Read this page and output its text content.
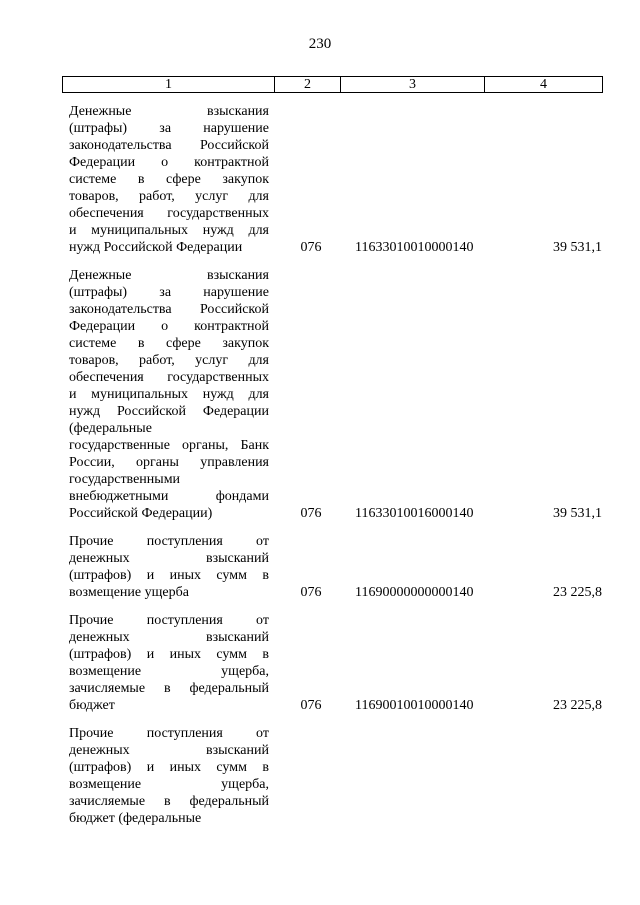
230
1	2	3	4
Денежные взыскания
(штрафы) за нарушение
законодательства Российской
Федерации о контрактной
системе в сфере закупок
товаров, работ, услуг для
обеспечения государственных
и муниципальных нужд для
нужд Российской Федерации	076	11633010010000140	39 531,1
Денежные взыскания
(штрафы) за нарушение
законодательства Российской
Федерации о контрактной
системе в сфере закупок
товаров, работ, услуг для
обеспечения государственных
и муниципальных нужд для
нужд Российской Федерации
(федеральные
государственные органы, Банк
России, органы управления
государственными
внебюджетными фондами
Российской Федерации)	076	11633010016000140	39 531,1
Прочие поступления от
денежных взысканий
(штрафов) и иных сумм в
возмещение ущерба	076	11690000000000140	23 225,8
Прочие поступления от
денежных взысканий
(штрафов) и иных сумм в
возмещение ущерба,
зачисляемые в федеральный
бюджет	076	11690010010000140	23 225,8
Прочие поступления от
денежных взысканий
(штрафов) и иных сумм в
возмещение ущерба,
зачисляемые в федеральный
бюджет (федеральные
